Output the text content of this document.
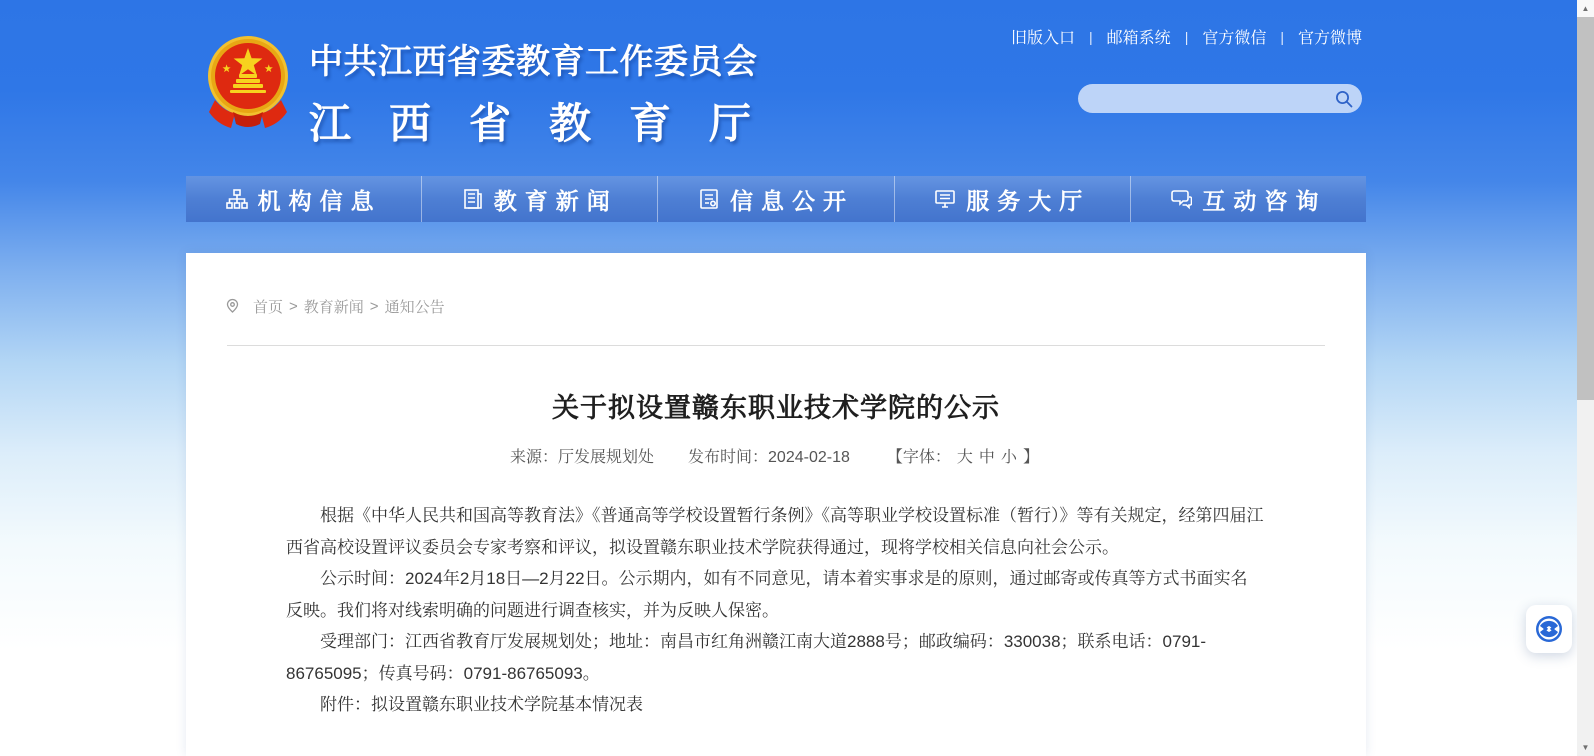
旧版入口 | 邮箱系统 | 官方微信 | 官方微博
中共江西省委教育工作委员会
江西省教育厅
机构信息	教育新闻	信息公开	服务大厅	互动咨询
首页 > 教育新闻 > 通知公告
关于拟设置赣东职业技术学院的公示
来源：厅发展规划处 发布时间：2024-02-18 【字体： 大 中 小 】

根据《中华人民共和国高等教育法》《普通高等学校设置暂行条例》《高等职业学校设置标准（暂行）》等有关规定，经第四届江西省高校设置评议委员会专家考察和评议，拟设置赣东职业技术学院获得通过，现将学校相关信息向社会公示。

公示时间：2024年2月18日—2月22日。公示期内，如有不同意见，请本着实事求是的原则，通过邮寄或传真等方式书面实名反映。我们将对线索明确的问题进行调查核实，并为反映人保密。

受理部门：江西省教育厅发展规划处；地址：南昌市红角洲赣江南大道2888号；邮政编码：330038；联系电话：0791-86765095；传真号码：0791-86765093。

附件：拟设置赣东职业技术学院基本情况表

▲
▼
